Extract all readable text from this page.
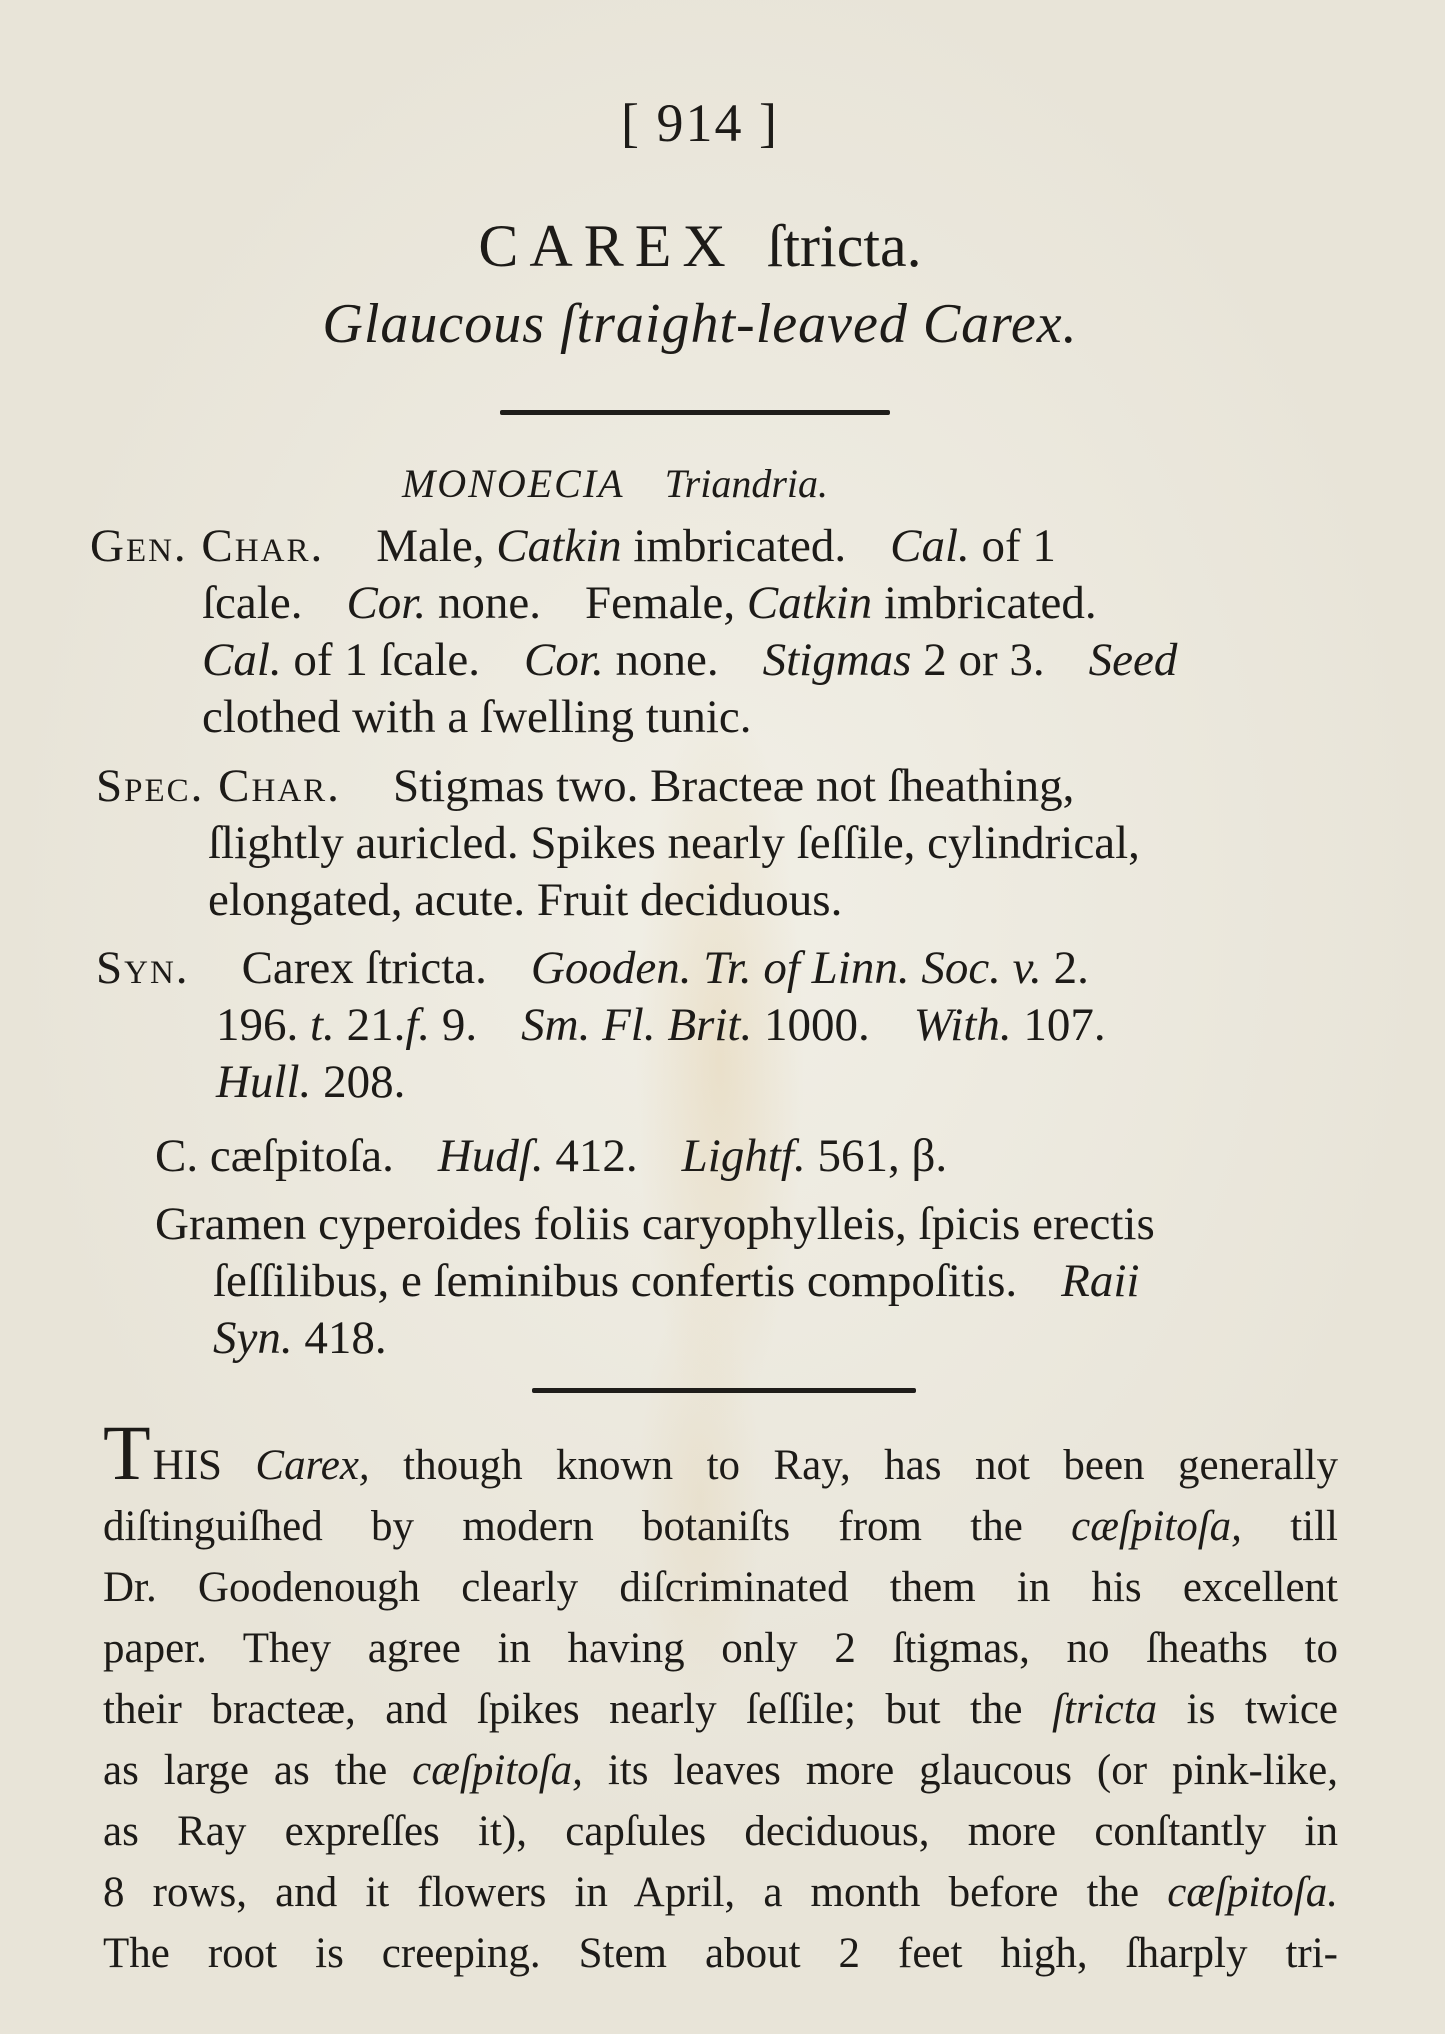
[ 914 ]
CAREX ſtricta.
Glaucous ſtraight-leaved Carex.
MONOECIA Triandria.
Gen. Char. Male, Catkin imbricated. Cal. of 1
ſcale. Cor. none. Female, Catkin imbricated.
Cal. of 1 ſcale. Cor. none. Stigmas 2 or 3. Seed
clothed with a ſwelling tunic.
Spec. Char. Stigmas two. Bracteæ not ſheathing,
ſlightly auricled. Spikes nearly ſeſſile, cylindrical,
elongated, acute. Fruit deciduous.
Syn. Carex ſtricta. Gooden. Tr. of Linn. Soc. v. 2.
196. t. 21.f. 9. Sm. Fl. Brit. 1000. With. 107.
Hull. 208.
C. cæſpitoſa. Hudſ. 412. Lightf. 561, β.
Gramen cyperoides foliis caryophylleis, ſpicis erectis
ſeſſilibus, e ſeminibus confertis compoſitis. Raii
Syn. 418.
THIS Carex, though known to Ray, has not been generally
diſtinguiſhed by modern botaniſts from the cæſpitoſa, till
Dr. Goodenough clearly diſcriminated them in his excellent
paper. They agree in having only 2 ſtigmas, no ſheaths to
their bracteæ, and ſpikes nearly ſeſſile; but the ſtricta is twice
as large as the cæſpitoſa, its leaves more glaucous (or pink-like,
as Ray expreſſes it), capſules deciduous, more conſtantly in
8 rows, and it flowers in April, a month before the cæſpitoſa.
The root is creeping. Stem about 2 feet high, ſharply tri-
